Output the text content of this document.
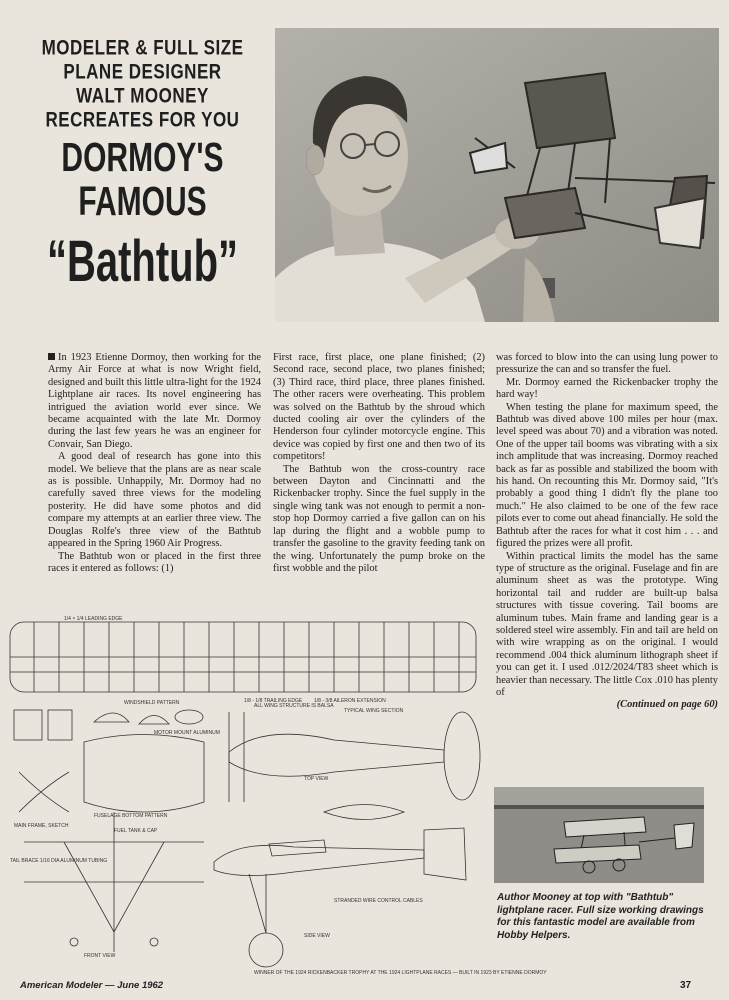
MODELER & FULL SIZE
PLANE DESIGNER
WALT MOONEY
RECREATES FOR YOU
DORMOY'S
FAMOUS
“Bathtub”

In 1923 Etienne Dormoy, then working for the Army Air Force at what is now Wright field, designed and built this little ultra-light for the 1924 Lightplane air races. Its novel engineering has intrigued the aviation world ever since. We became acquainted with the late Mr. Dormoy during the last few years he was an engineer for Convair, San Diego.

A good deal of research has gone into this model. We believe that the plans are as near scale as is possible. Unhappily, Mr. Dormoy had no carefully saved three views for the modeling posterity. He did have some photos and did compare my attempts at an earlier three view. The Douglas Rolfe's three view of the Bathtub appeared in the Spring 1960 Air Progress.

The Bathtub won or placed in the first three races it entered as follows: (1)

First race, first place, one plane finished; (2) Second race, second place, two planes finished; (3) Third race, third place, three planes finished. The other racers were overheating. This problem was solved on the Bathtub by the shroud which ducted cooling air over the cylinders of the Henderson four cylinder motorcycle engine. This device was copied by first one and then two of its competitors!

The Bathtub won the cross-country race between Dayton and Cincinnatti and the Rickenbacker trophy. Since the fuel supply in the single wing tank was not enough to permit a non-stop hop Dormoy carried a five gallon can on his lap during the flight and a wobble pump to transfer the gasoline to the gravity feeding tank on the wing. Unfortunately the pump broke on the first wobble and the pilot

was forced to blow into the can using lung power to pressurize the can and so transfer the fuel.

Mr. Dormoy earned the Rickenbacker trophy the hard way!

When testing the plane for maximum speed, the Bathtub was dived above 100 miles per hour (max. level speed was about 70) and a vibration was noted. One of the upper tail booms was vibrating with a six inch amplitude that was increasing. Dormoy reached back as far as possible and stabilized the boom with his hand. On recounting this Mr. Dormoy said, "It's probably a good thing I didn't fly the plane too much." He also claimed to be one of the few race pilots ever to come out ahead financially. He sold the Bathtub after the races for what it cost him . . . and figured the prizes were all profit.

Within practical limits the model has the same type of structure as the original. Fuselage and fin are aluminum sheet as was the prototype. Wing horizontal tail and rudder are built-up balsa structures with tissue covering. Tail booms are aluminum tubes. Main frame and landing gear is a soldered steel wire assembly. Fin and tail are held on with wire wrapping as on the original. I would recommend .004 thick aluminum lithograph sheet if you can get it. I used .012/2024/T83 sheet which is heavier than necessary. The little Cox .010 has plenty of

(Continued on page 60)
1/4 × 1/4 LEADING EDGE
1/8 - 1/8 TRAILING EDGE 1/8 - 3/8 AILERON EXTENSION
ALL WING STRUCTURE IS BALSA
TYPICAL WING SECTION
WINDSHIELD PATTERN
MOTOR MOUNT ALUMINUM
TOP VIEW
FUSELAGE BOTTOM PATTERN
MAIN FRAME, SKETCH
FUEL TANK & CAP
STRANDED WIRE CONTROL CABLES
TAIL BRACE 1/16 DIA ALUMINUM TUBING
FRONT VIEW
SIDE VIEW
WINNER OF THE 1924 RICKENBACKER TROPHY AT THE 1924 LIGHTPLANE RACES — BUILT IN 1923 BY ETIENNE DORMOY
Author Mooney at top with "Bathtub" lightplane racer. Full size working drawings for this fantastic model are available from Hobby Helpers.
American Modeler — June 1962	37
